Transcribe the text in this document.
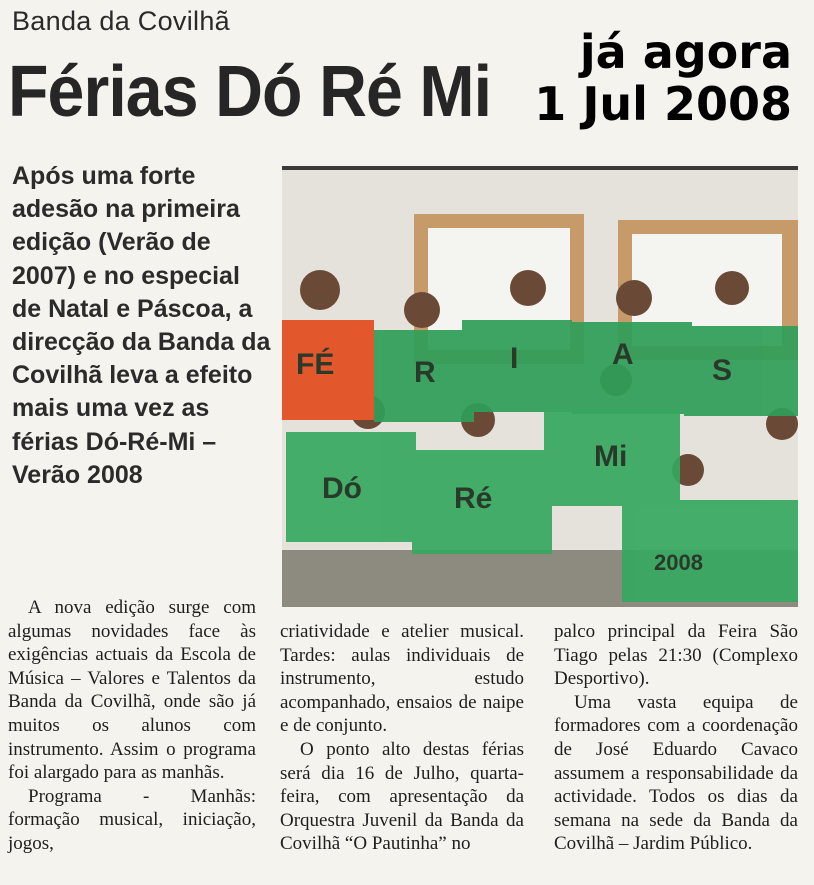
Banda da Covilhã
Férias Dó Ré Mi	já agora
1 Jul 2008
Após uma forte adesão na primeira edição (Verão de 2007) e no especial de Natal e Páscoa, a direcção da Banda da Covilhã leva a efeito mais uma vez as férias Dó-Ré-Mi – Verão 2008
FÉ	R I	A	S
Dó	Ré
Mi
2008

A nova edição surge com algumas novidades face às exigências actuais da Escola de Música – Valores e Talentos da Banda da Covilhã, onde são já muitos os alunos com instrumento. Assim o programa foi alargado para as manhãs.

Programa - Manhãs: formação musical, iniciação, jogos,

criatividade e atelier musical. Tardes: aulas individuais de instrumento, estudo acompanhado, ensaios de naipe e de conjunto.

O ponto alto destas férias será dia 16 de Julho, quarta-feira, com apresentação da Orquestra Juvenil da Banda da Covilhã “O Pautinha” no

palco principal da Feira São Tiago pelas 21:30 (Complexo Desportivo).

Uma vasta equipa de formadores com a coordenação de José Eduardo Cavaco assumem a responsabilidade da actividade. Todos os dias da semana na sede da Banda da Covilhã – Jardim Público.
